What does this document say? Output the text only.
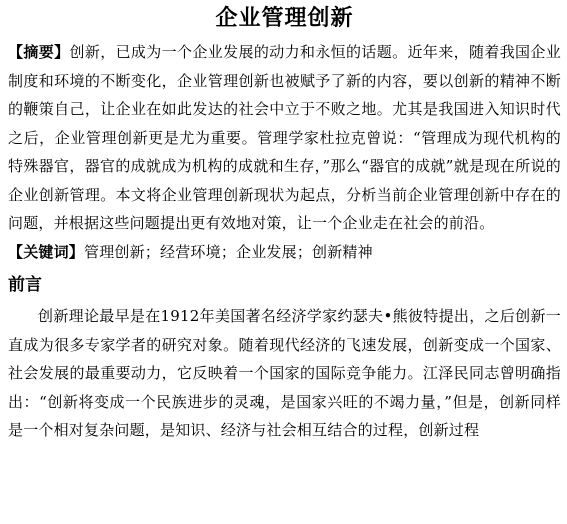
企业管理创新

【摘要】创新，已成为一个企业发展的动力和永恒的话题。近年来，随着我国企业制度和环境的不断变化，企业管理创新也被赋予了新的内容，要以创新的精神不断的鞭策自己，让企业在如此发达的社会中立于不败之地。尤其是我国进入知识时代之后，企业管理创新更是尤为重要。管理学家杜拉克曾说：“管理成为现代机构的特殊器官，器官的成就成为机构的成就和生存，”那么“器官的成就”就是现在所说的企业创新管理。本文将企业管理创新现状为起点，分析当前企业管理创新中存在的问题，并根据这些问题提出更有效地对策，让一个企业走在社会的前沿。

【关键词】管理创新；经营环境；企业发展；创新精神

前言

创新理论最早是在1912年美国著名经济学家约瑟夫•熊彼特提出，之后创新一直成为很多专家学者的研究对象。随着现代经济的飞速发展，创新变成一个国家、社会发展的最重要动力，它反映着一个国家的国际竞争能力。江泽民同志曾明确指出：“创新将变成一个民族进步的灵魂，是国家兴旺的不竭力量，”但是，创新同样是一个相对复杂问题，是知识、经济与社会相互结合的过程，创新过程
